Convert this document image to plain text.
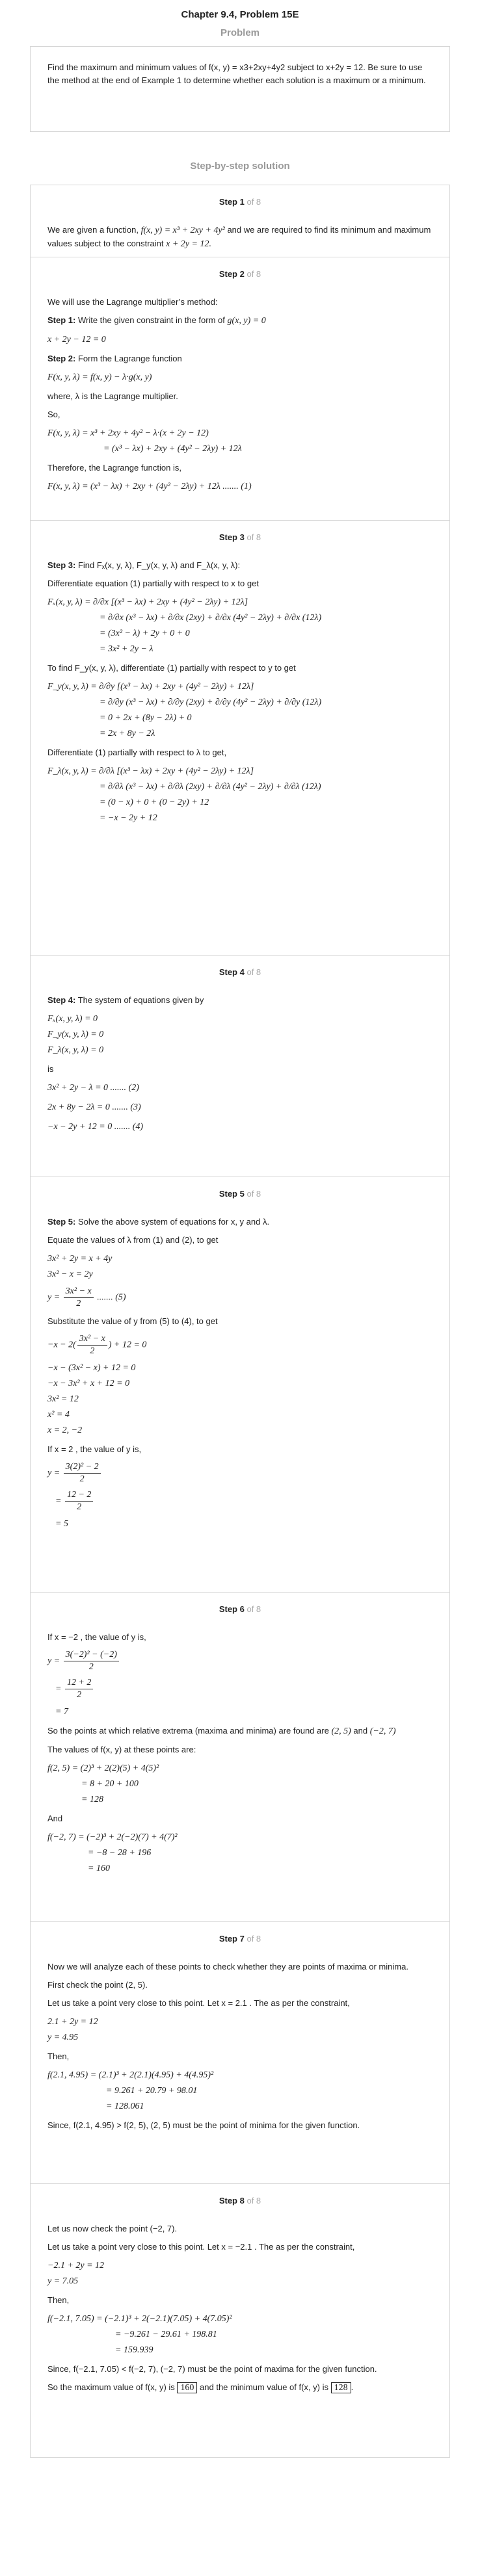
Chapter 9.4, Problem 15E
Problem
Find the maximum and minimum values of f(x, y) = x3+2xy+4y2 subject to x+2y = 12. Be sure to use the method at the end of Example 1 to determine whether each solution is a maximum or a minimum.
Step-by-step solution
Step 1 of 8
We are given a function, f(x, y) = x³ + 2xy + 4y² and we are required to find its minimum and maximum values subject to the constraint x + 2y = 12.
Step 2 of 8
We will use the Lagrange multiplier’s method:
Step 1: Write the given constraint in the form of g(x, y) = 0
x + 2y − 12 = 0
Step 2: Form the Lagrange function
F(x, y, λ) = f(x, y) − λ·g(x, y)
where, λ is the Lagrange multiplier.
So,
F(x, y, λ) = x³ + 2xy + 4y² − λ·(x + 2y − 12)
= (x³ − λx) + 2xy + (4y² − 2λy) + 12λ
Therefore, the Lagrange function is,
F(x, y, λ) = (x³ − λx) + 2xy + (4y² − 2λy) + 12λ ....... (1)
Step 3 of 8
Step 3: Find Fₓ(x, y, λ), F_y(x, y, λ) and F_λ(x, y, λ):
Differentiate equation (1) partially with respect to x to get
Fₓ(x, y, λ) = ∂/∂x [(x³ − λx) + 2xy + (4y² − 2λy) + 12λ]
= ∂/∂x (x³ − λx) + ∂/∂x (2xy) + ∂/∂x (4y² − 2λy) + ∂/∂x (12λ)
= (3x² − λ) + 2y + 0 + 0
= 3x² + 2y − λ
To find F_y(x, y, λ), differentiate (1) partially with respect to y to get
F_y(x, y, λ) = ∂/∂y [(x³ − λx) + 2xy + (4y² − 2λy) + 12λ]
= ∂/∂y (x³ − λx) + ∂/∂y (2xy) + ∂/∂y (4y² − 2λy) + ∂/∂y (12λ)
= 0 + 2x + (8y − 2λ) + 0
= 2x + 8y − 2λ
Differentiate (1) partially with respect to λ to get,
F_λ(x, y, λ) = ∂/∂λ [(x³ − λx) + 2xy + (4y² − 2λy) + 12λ]
= ∂/∂λ (x³ − λx) + ∂/∂λ (2xy) + ∂/∂λ (4y² − 2λy) + ∂/∂λ (12λ)
= (0 − x) + 0 + (0 − 2y) + 12
= −x − 2y + 12
Step 4 of 8
Step 4: The system of equations given by
Fₓ(x, y, λ) = 0
F_y(x, y, λ) = 0
F_λ(x, y, λ) = 0
is
3x² + 2y − λ = 0 ....... (2)
2x + 8y − 2λ = 0 ....... (3)
−x − 2y + 12 = 0 ....... (4)
Step 5 of 8
Step 5: Solve the above system of equations for x, y and λ.
Equate the values of λ from (1) and (2), to get
3x² + 2y = x + 4y
3x² − x = 2y
$y = \frac{\text{3x² − x}}{2}$ ....... (5)
Substitute the value of y from (5) to (4), to get
$-x - 2( \frac{\text{3x² − x}}{2}$ ) + 12 = 0
−x − (3x² − x) + 12 = 0
−x − 3x² + x + 12 = 0
3x² = 12
x² = 4
x = 2, −2
If x = 2 , the value of y is,
$y = \frac{\text{3(2)² − 2}}{2}$
= $\frac{12 - 2}{2}$
= 5
Step 6 of 8
If x = −2 , the value of y is,
$y = \frac{\text{3(−2)² − (−2)}}{2}$
= $\frac{12 + 2}{2}$
= 7
So the points at which relative extrema (maxima and minima) are found are (2, 5) and (−2, 7)
The values of f(x, y) at these points are:
f(2, 5) = (2)³ + 2(2)(5) + 4(5)²
= 8 + 20 + 100
= 128
And
f(−2, 7) = (−2)³ + 2(−2)(7) + 4(7)²
= −8 − 28 + 196
= 160
Step 7 of 8
Now we will analyze each of these points to check whether they are points of maxima or minima.
First check the point (2, 5).
Let us take a point very close to this point. Let x = 2.1 . The as per the constraint,
2.1 + 2y = 12
y = 4.95
Then,
f(2.1, 4.95) = (2.1)³ + 2(2.1)(4.95) + 4(4.95)²
= 9.261 + 20.79 + 98.01
= 128.061
Since, f(2.1, 4.95) > f(2, 5), (2, 5) must be the point of minima for the given function.
Step 8 of 8
Let us now check the point (−2, 7).
Let us take a point very close to this point. Let x = −2.1 . The as per the constraint,
−2.1 + 2y = 12
y = 7.05
Then,
f(−2.1, 7.05) = (−2.1)³ + 2(−2.1)(7.05) + 4(7.05)²
= −9.261 − 29.61 + 198.81
= 159.939
Since, f(−2.1, 7.05) < f(−2, 7), (−2, 7) must be the point of maxima for the given function.
So the maximum value of f(x, y) is 160 and the minimum value of f(x, y) is 128 .
